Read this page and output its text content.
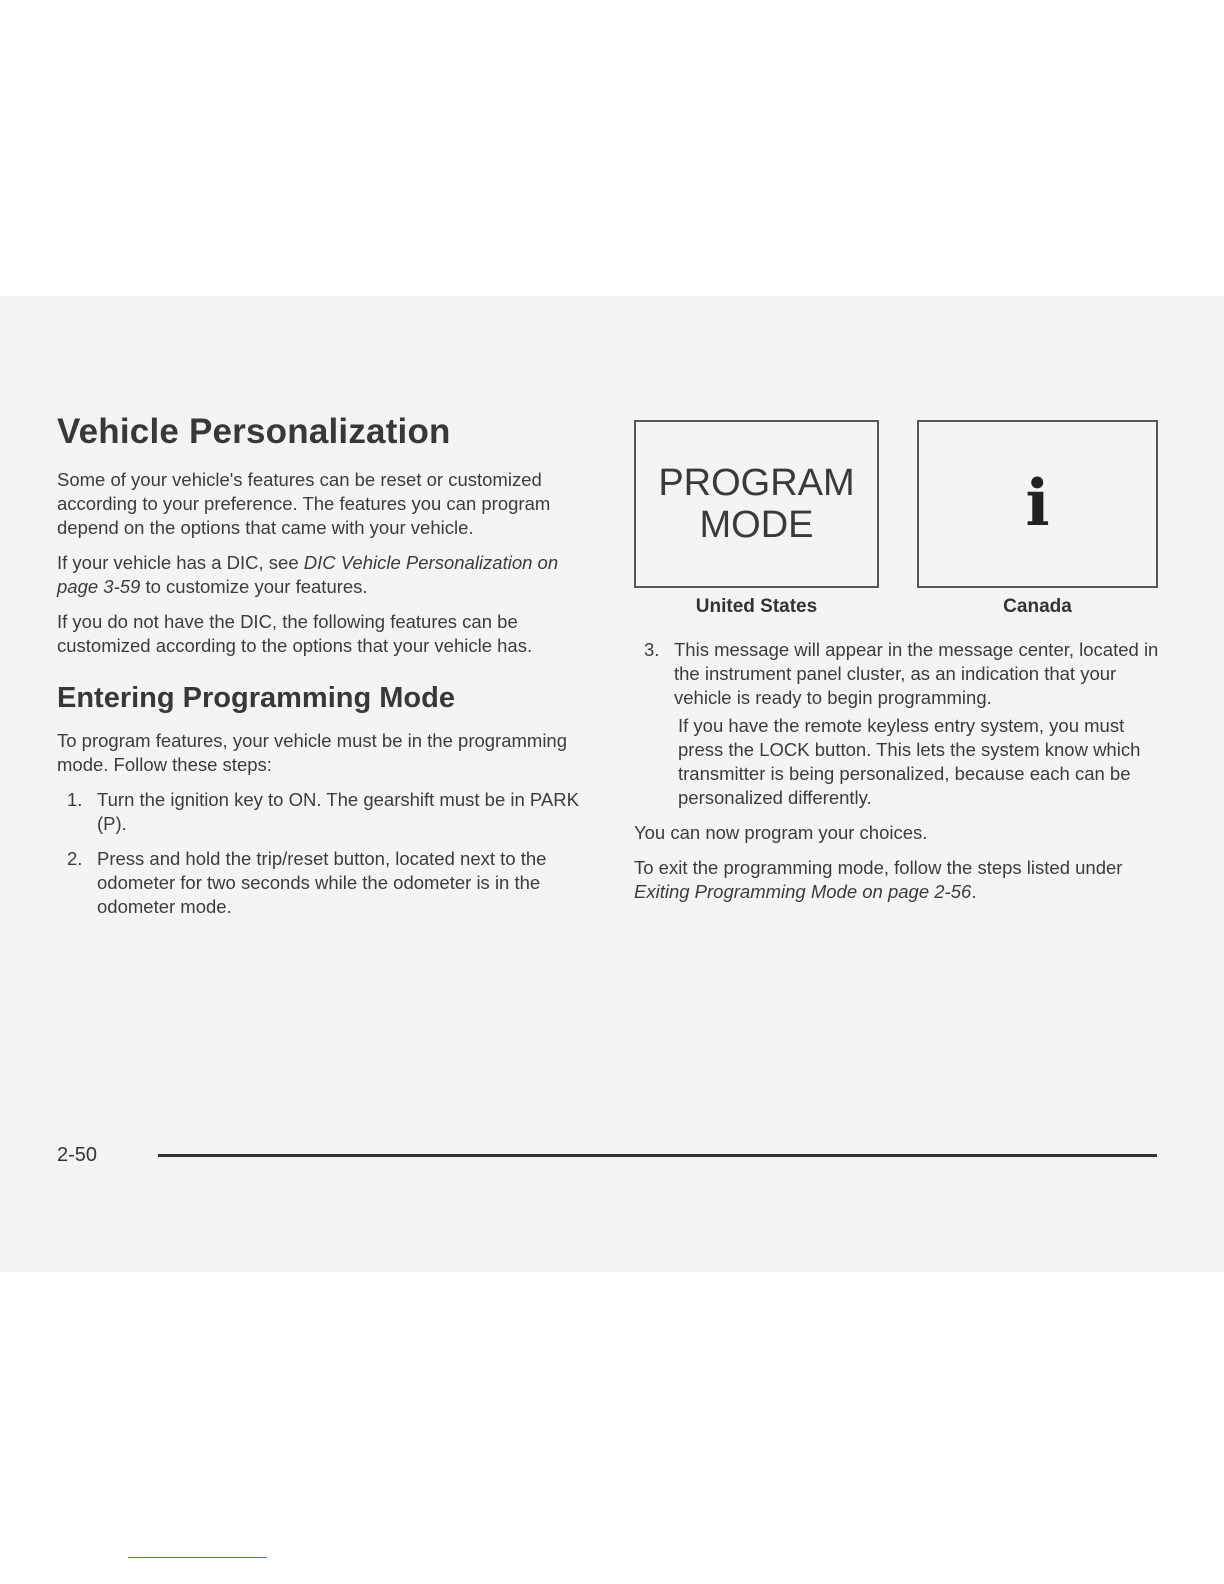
Vehicle Personalization

Some of your vehicle's features can be reset or customized according to your preference. The features you can program depend on the options that came with your vehicle.

If your vehicle has a DIC, see DIC Vehicle Personalization on page 3-59 to customize your features.

If you do not have the DIC, the following features can be customized according to the options that your vehicle has.

Entering Programming Mode

To program features, your vehicle must be in the programming mode. Follow these steps:

1. Turn the ignition key to ON. The gearshift must be in PARK (P).
2. Press and hold the trip/reset button, located next to the odometer for two seconds while the odometer is in the odometer mode.
PROGRAM
MODE	i
United States	Canada
3. This message will appear in the message center, located in the instrument panel cluster, as an indication that your vehicle is ready to begin programming.

If you have the remote keyless entry system, you must press the LOCK button. This lets the system know which transmitter is being personalized, because each can be personalized differently.

You can now program your choices.

To exit the programming mode, follow the steps listed under Exiting Programming Mode on page 2-56.

2-50
